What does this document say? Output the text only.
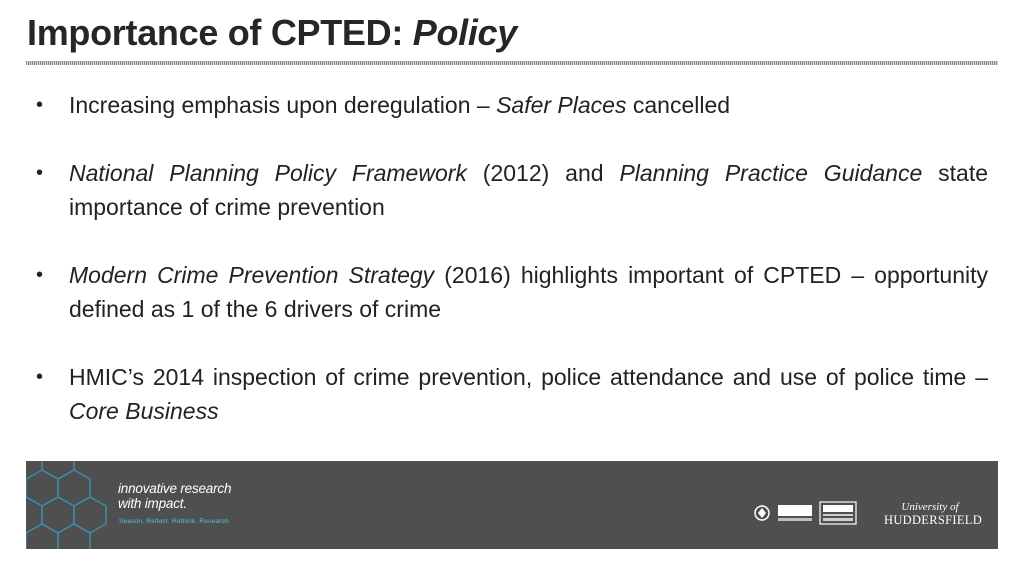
Importance of CPTED: Policy
• Increasing emphasis upon deregulation – Safer Places cancelled
• National Planning Policy Framework (2012) and Planning Practice Guidance state importance of crime prevention
• Modern Crime Prevention Strategy (2016) highlights important of CPTED – opportunity defined as 1 of the 6 drivers of crime
• HMIC’s 2014 inspection of crime prevention, police attendance and use of police time – Core Business
innovative research
with impact.
Season. Reflect. Rethink. Research
University of
HUDDERSFIELD
